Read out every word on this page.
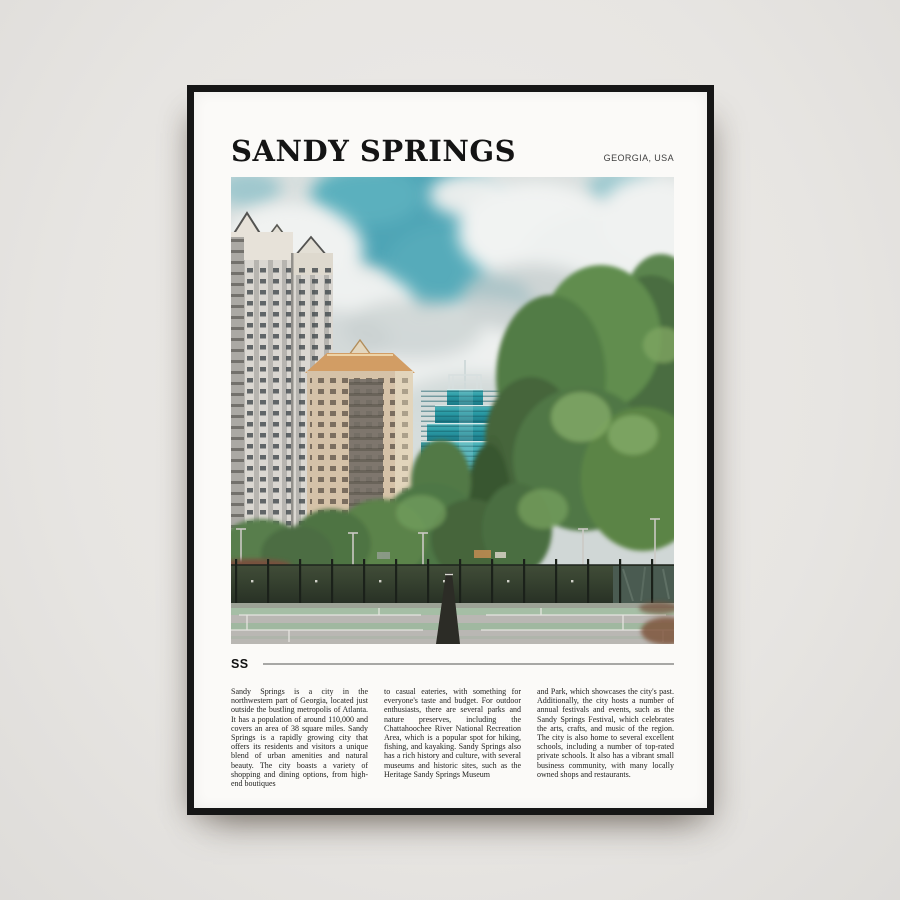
SANDY SPRINGS	GEORGIA, USA
SS

Sandy Springs is a city in the northwestern part of Georgia, located just outside the bustling metropolis of Atlanta. It has a population of around 110,000 and covers an area of 38 square miles. Sandy Springs is a rapidly growing city that offers its residents and visitors a unique blend of urban amenities and natural beauty. The city boasts a variety of shopping and dining options, from high-end boutiques

to casual eateries, with something for everyone's taste and budget. For outdoor enthusiasts, there are several parks and nature preserves, including the Chattahoochee River National Recreation Area, which is a popular spot for hiking, fishing, and kayaking. Sandy Springs also has a rich history and culture, with several museums and historic sites, such as the Heritage Sandy Springs Museum

and Park, which showcases the city's past. Additionally, the city hosts a number of annual festivals and events, such as the Sandy Springs Festival, which celebrates the arts, crafts, and music of the region. The city is also home to several excellent schools, including a number of top-rated private schools. It also has a vibrant small business community, with many locally owned shops and restaurants.
